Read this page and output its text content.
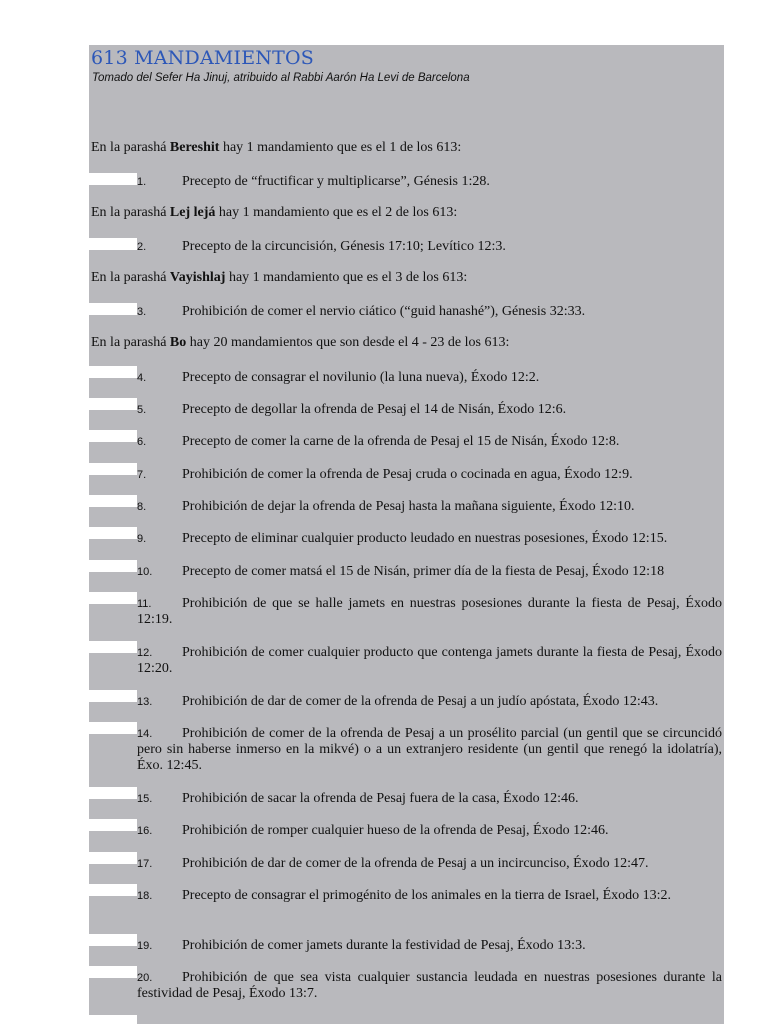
613 MANDAMIENTOS
Tomado del Sefer Ha Jinuj, atribuido al Rabbi Aarón Ha Levi de Barcelona
En la parashá Bereshit hay 1 mandamiento que es el 1 de los 613:
En la parashá Lej lejá hay 1 mandamiento que es el 2 de los 613:
En la parashá Vayishlaj hay 1 mandamiento que es el 3 de los 613:
En la parashá Bo hay 20 mandamientos que son desde el 4 - 23 de los 613:
1.	Precepto de “fructificar y multiplicarse”, Génesis 1:28.
2.	Precepto de la circuncisión, Génesis 17:10; Levítico 12:3.
3.	Prohibición de comer el nervio ciático (“guid hanashé”), Génesis 32:33.
4.	Precepto de consagrar el novilunio (la luna nueva), Éxodo 12:2.
5.	Precepto de degollar la ofrenda de Pesaj el 14 de Nisán, Éxodo 12:6.
6.	Precepto de comer la carne de la ofrenda de Pesaj el 15 de Nisán, Éxodo 12:8.
7.	Prohibición de comer la ofrenda de Pesaj cruda o cocinada en agua, Éxodo 12:9.
8.	Prohibición de dejar la ofrenda de Pesaj hasta la mañana siguiente, Éxodo 12:10.
9.	Precepto de eliminar cualquier producto leudado en nuestras posesiones, Éxodo 12:15.
10. Precepto de comer matsá el 15 de Nisán, primer día de la fiesta de Pesaj, Éxodo 12:18
11. Prohibición de que se halle jamets en nuestras posesiones durante la fiesta de Pesaj, Éxodo 12:19.
12. Prohibición de comer cualquier producto que contenga jamets durante la fiesta de Pesaj, Éxodo 12:20.
13. Prohibición de dar de comer de la ofrenda de Pesaj a un judío apóstata, Éxodo 12:43.
14. Prohibición de comer de la ofrenda de Pesaj a un prosélito parcial (un gentil que se circuncidó pero sin haberse inmerso en la mikvé) o a un extranjero residente (un gentil que renegó la idolatría), Éxo. 12:45.
15. Prohibición de sacar la ofrenda de Pesaj fuera de la casa, Éxodo 12:46.
16. Prohibición de romper cualquier hueso de la ofrenda de Pesaj, Éxodo 12:46.
17. Prohibición de dar de comer de la ofrenda de Pesaj a un incircunciso, Éxodo 12:47.
18. Precepto de consagrar el primogénito de los animales en la tierra de Israel, Éxodo 13:2.
19. Prohibición de comer jamets durante la festividad de Pesaj, Éxodo 13:3.
20. Prohibición de que sea vista cualquier sustancia leudada en nuestras posesiones durante la festividad de Pesaj, Éxodo 13:7.
